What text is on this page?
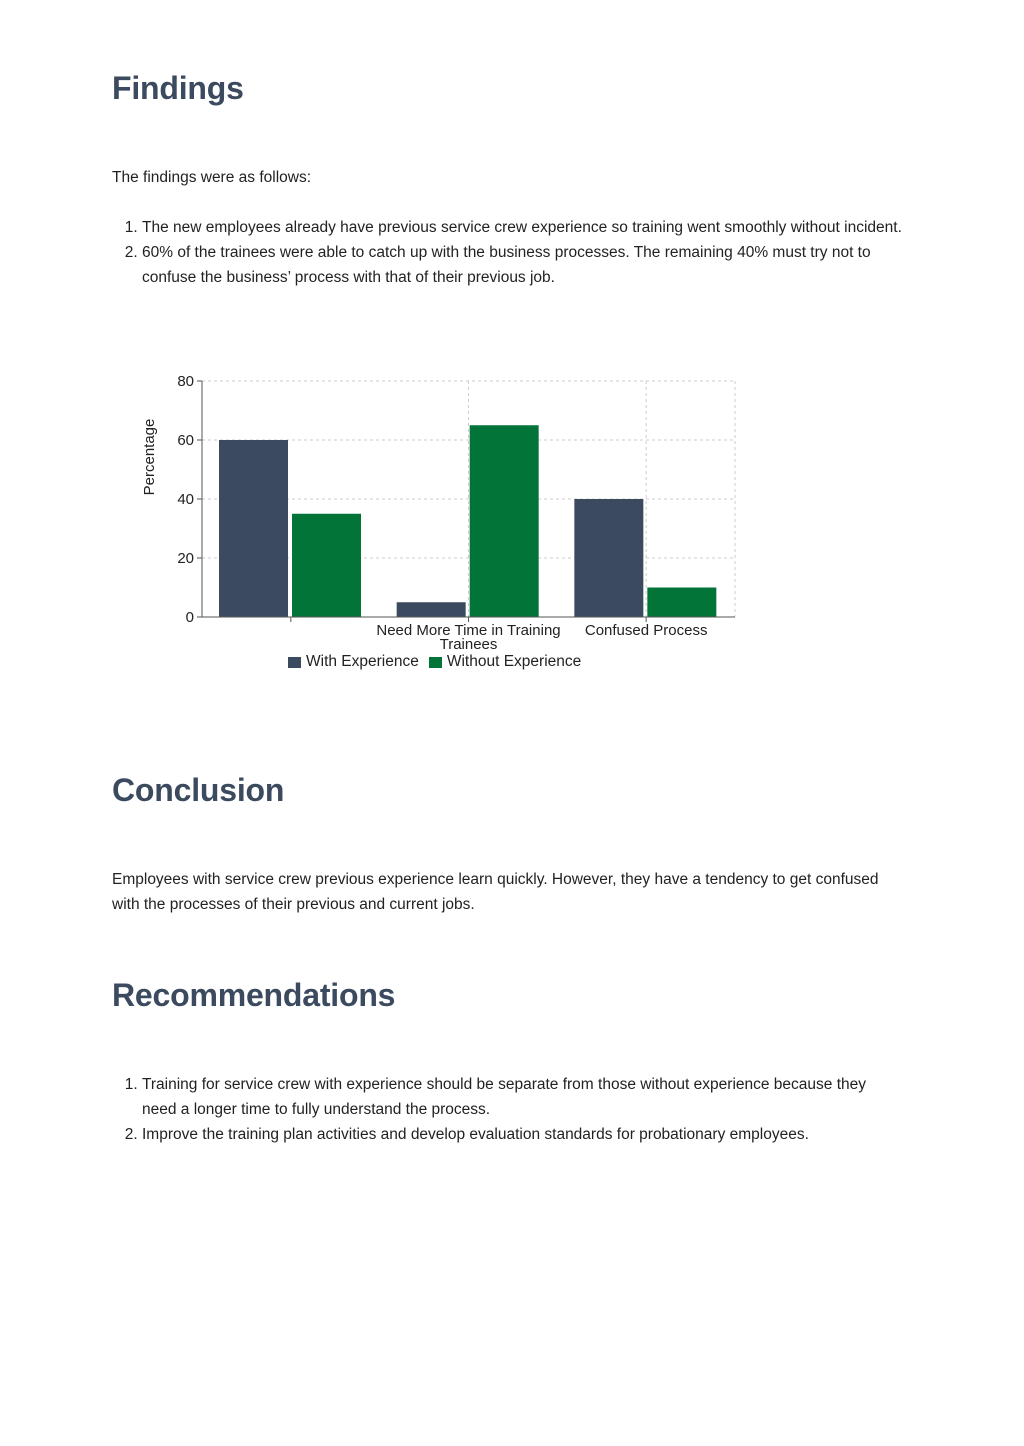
Findings

The findings were as follows:

1. The new employees already have previous service crew experience so training went smoothly without incident.
2. 60% of the trainees were able to catch up with the business processes. The remaining 40% must try not to confuse the business’ process with that of their previous job.
Conclusion

Employees with service crew previous experience learn quickly. However, they have a tendency to get confused with the processes of their previous and current jobs.

Recommendations
1. Training for service crew with experience should be separate from those without experience because they need a longer time to fully understand the process.
2. Improve the training plan activities and develop evaluation standards for probationary employees.
0
20
40
60
80
Need More Time in Training Trainees
Confused Process
Percentage
With Experience Without Experience
